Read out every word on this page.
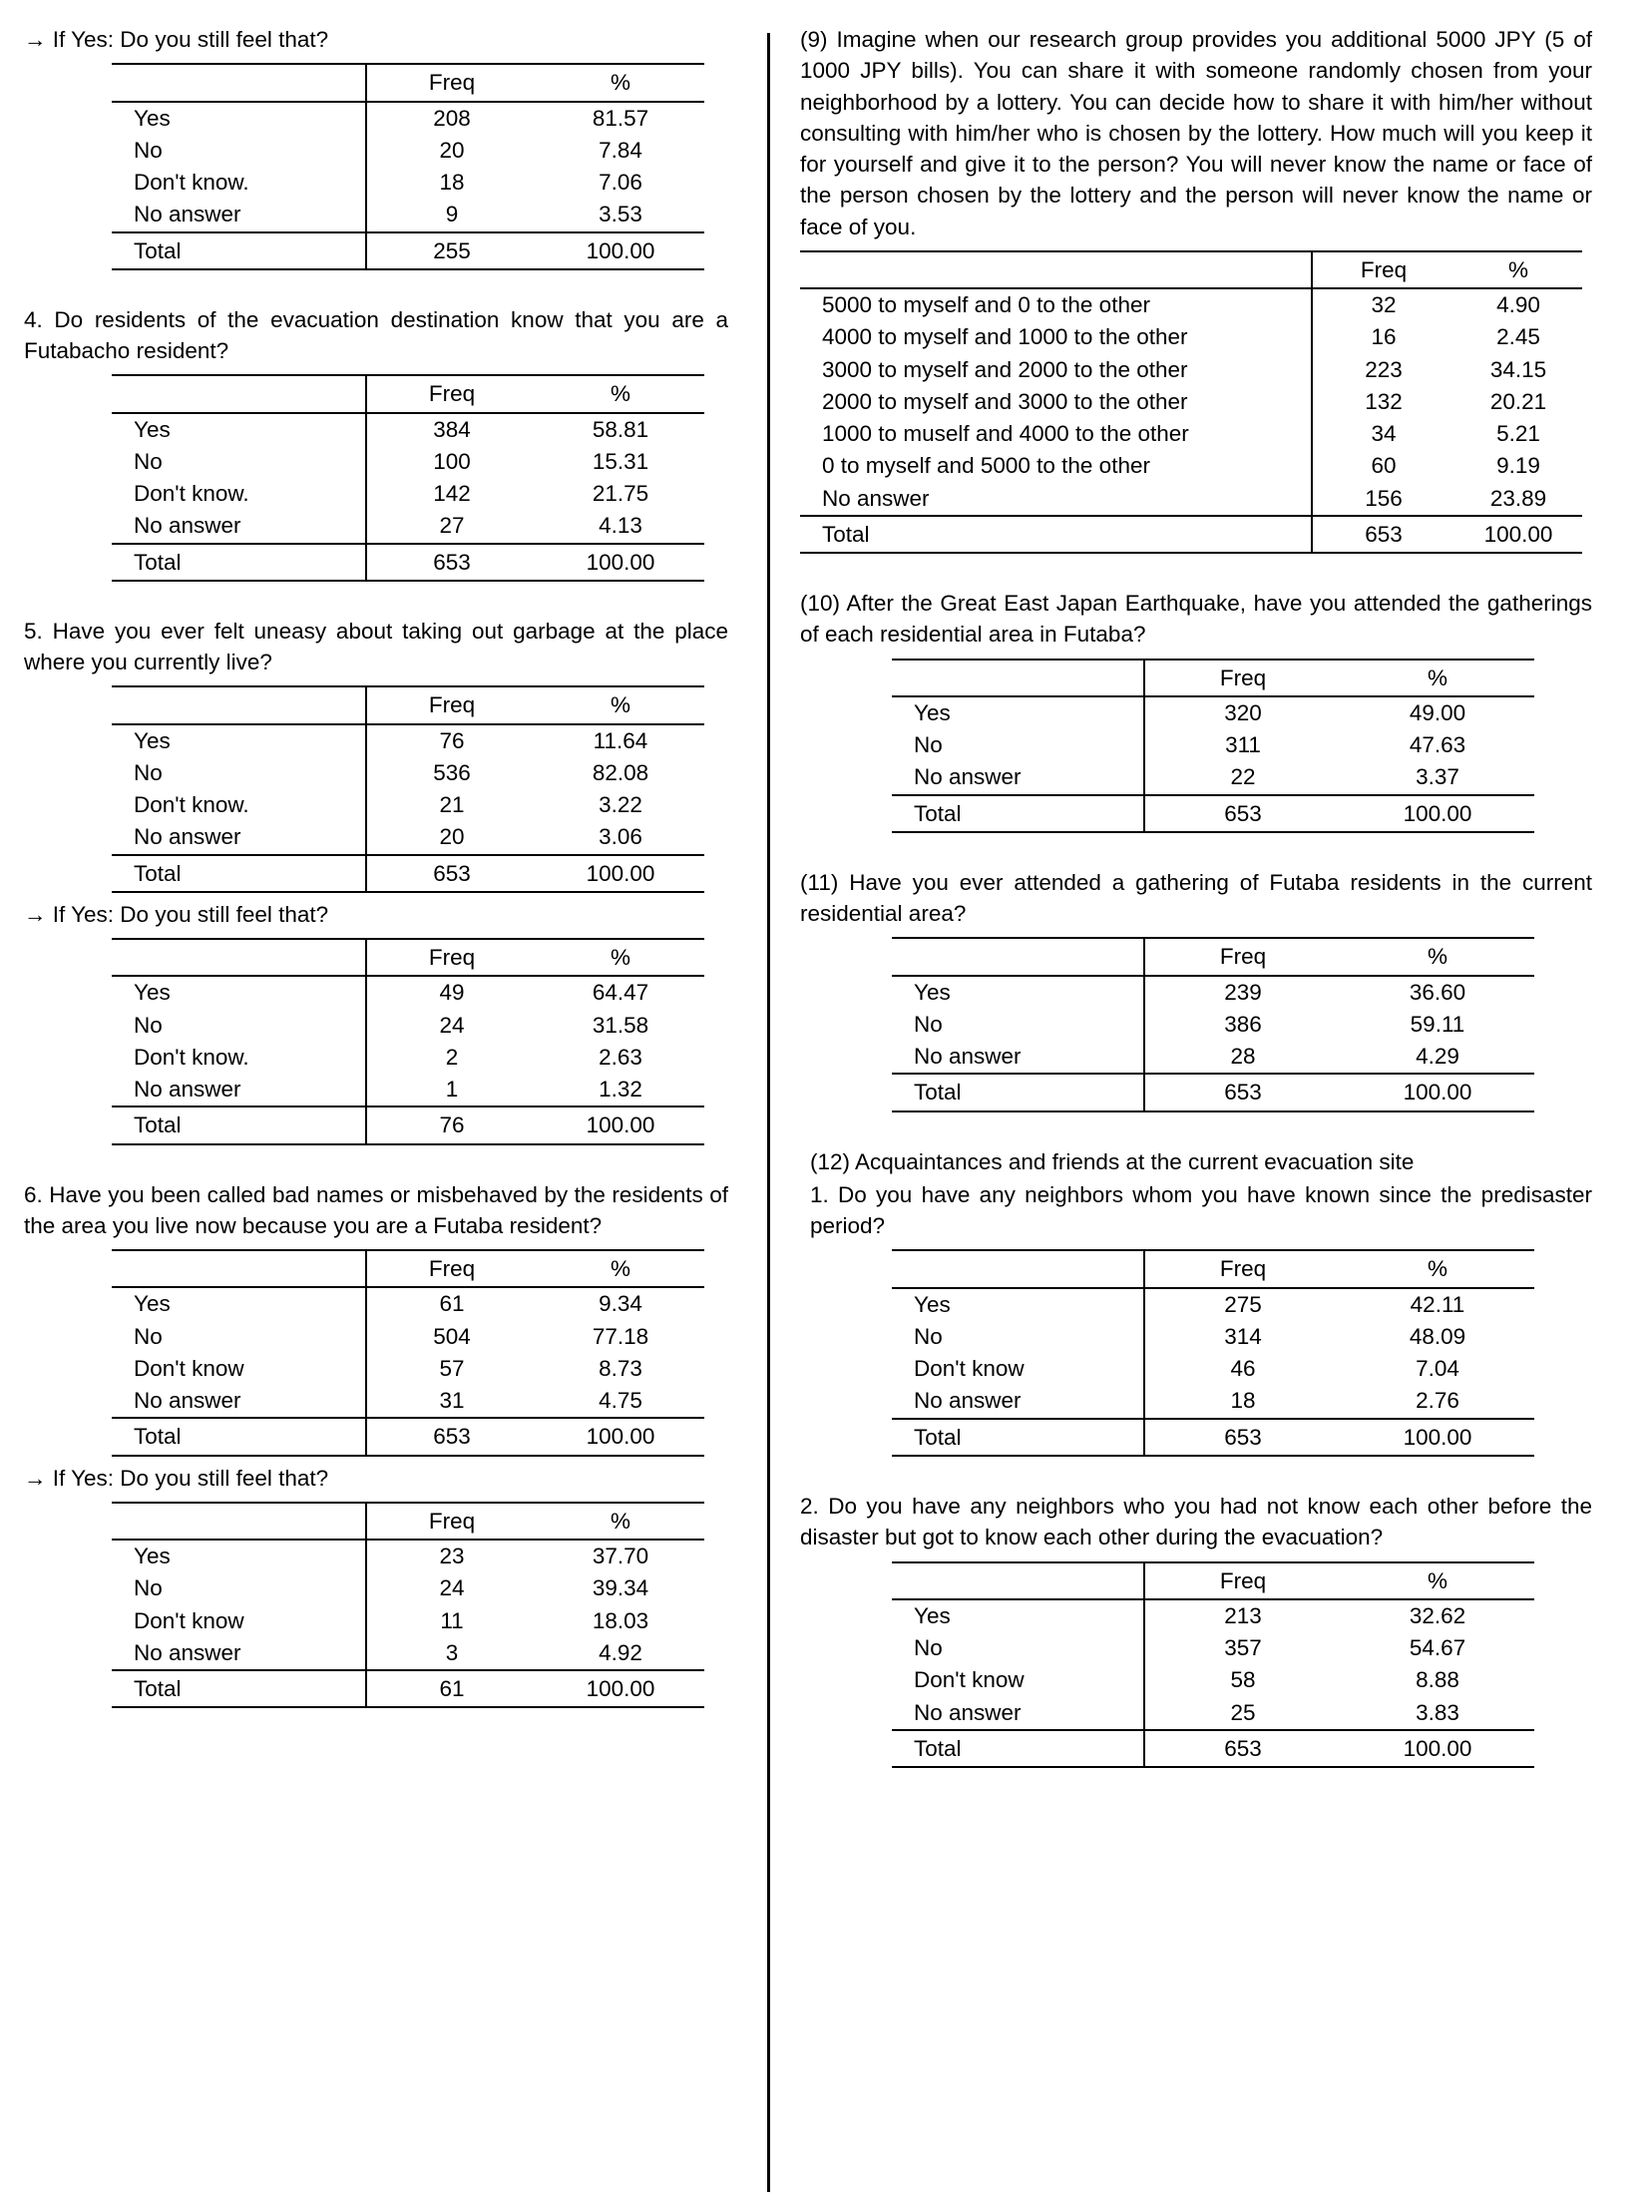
→ If Yes: Do you still feel that?

	Freq	%
Yes	208	81.57
No	20	7.84
Don't know.	18	7.06
No answer	9	3.53
Total	255	100.00

4. Do residents of the evacuation destination know that you are a Futabacho resident?

	Freq	%
Yes	384	58.81
No	100	15.31
Don't know.	142	21.75
No answer	27	4.13
Total	653	100.00

5. Have you ever felt uneasy about taking out garbage at the place where you currently live?

	Freq	%
Yes	76	11.64
No	536	82.08
Don't know.	21	3.22
No answer	20	3.06
Total	653	100.00

→ If Yes: Do you still feel that?

	Freq	%
Yes	49	64.47
No	24	31.58
Don't know.	2	2.63
No answer	1	1.32
Total	76	100.00

6. Have you been called bad names or misbehaved by the residents of the area you live now because you are a Futaba resident?

	Freq	%
Yes	61	9.34
No	504	77.18
Don't know	57	8.73
No answer	31	4.75
Total	653	100.00

→ If Yes: Do you still feel that?

	Freq	%
Yes	23	37.70
No	24	39.34
Don't know	11	18.03
No answer	3	4.92
Total	61	100.00

(9) Imagine when our research group provides you additional 5000 JPY (5 of 1000 JPY bills). You can share it with someone randomly chosen from your neighborhood by a lottery. You can decide how to share it with him/her without consulting with him/her who is chosen by the lottery. How much will you keep it for yourself and give it to the person? You will never know the name or face of the person chosen by the lottery and the person will never know the name or face of you.

	Freq	%
5000 to myself and 0 to the other	32	4.90
4000 to myself and 1000 to the other	16	2.45
3000 to myself and 2000 to the other	223	34.15
2000 to myself and 3000 to the other	132	20.21
1000 to muself and 4000 to the other	34	5.21
0 to myself and 5000 to the other	60	9.19
No answer	156	23.89
Total	653	100.00

(10) After the Great East Japan Earthquake, have you attended the gatherings of each residential area in Futaba?

	Freq	%
Yes	320	49.00
No	311	47.63
No answer	22	3.37
Total	653	100.00

(11) Have you ever attended a gathering of Futaba residents in the current residential area?

	Freq	%
Yes	239	36.60
No	386	59.11
No answer	28	4.29
Total	653	100.00

(12) Acquaintances and friends at the current evacuation site

1. Do you have any neighbors whom you have known since the predisaster period?

	Freq	%
Yes	275	42.11
No	314	48.09
Don't know	46	7.04
No answer	18	2.76
Total	653	100.00

2. Do you have any neighbors who you had not know each other before the disaster but got to know each other during the evacuation?

	Freq	%
Yes	213	32.62
No	357	54.67
Don't know	58	8.88
No answer	25	3.83
Total	653	100.00
